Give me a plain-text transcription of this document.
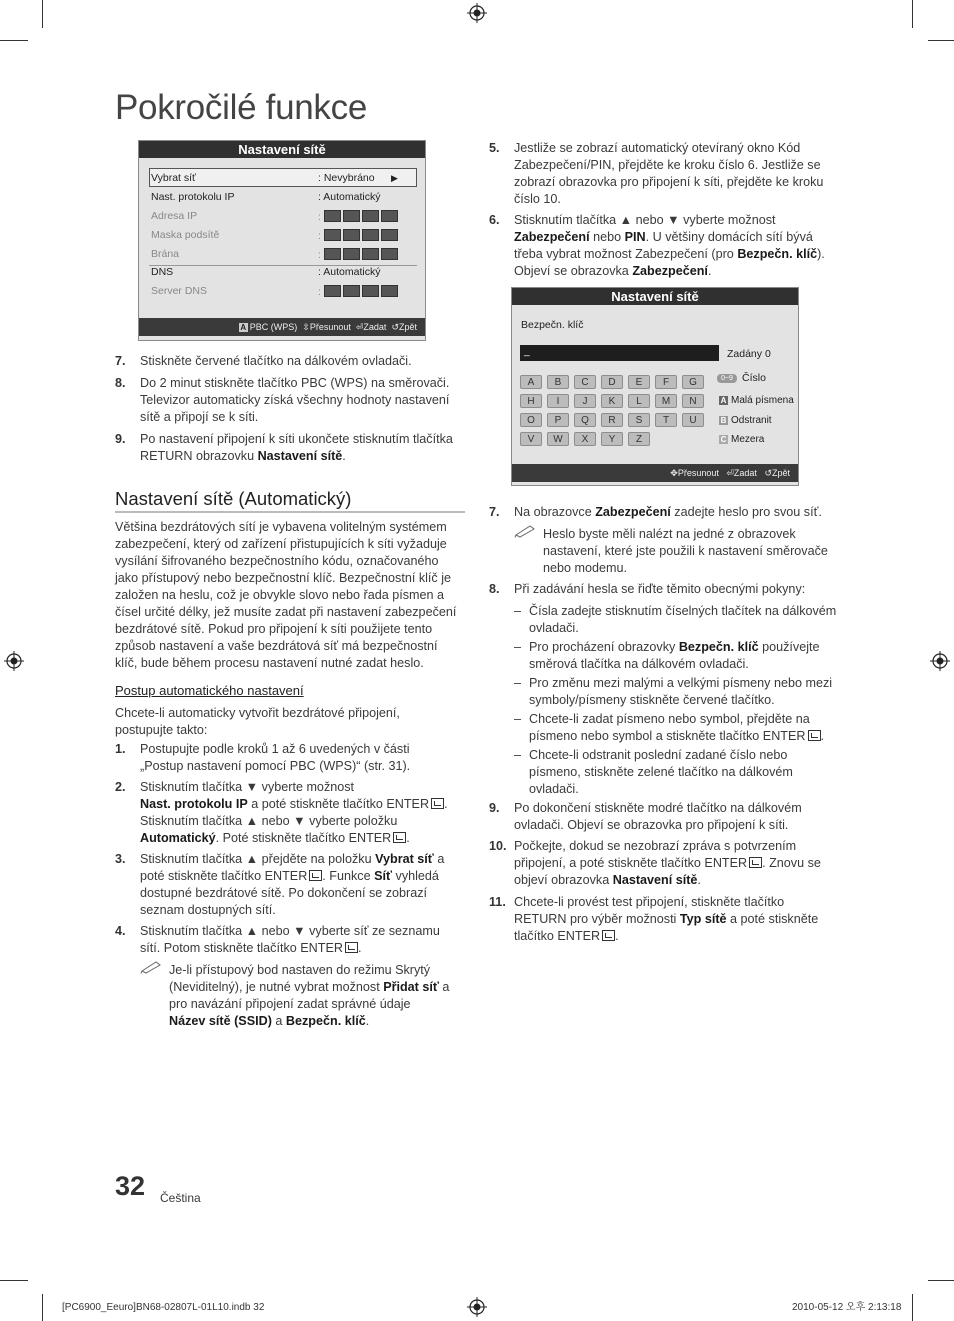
Pokročilé funkce
Nastavení sítě
Vybrat síť	: Nevybráno ▶
Nast. protokolu IP	: Automatický
Adresa IP	:
Maska podsítě	:
Brána	:
DNS	: Automatický
Server DNS	:
A PBC (WPS) ⇳Přesunout ⏎Zadat ↺Zpět
7. Stiskněte červené tlačítko na dálkovém ovladači.
8. Do 2 minut stiskněte tlačítko PBC (WPS) na směrovači.
Televizor automaticky získá všechny hodnoty nastavení
sítě a připojí se k síti.
9. Po nastavení připojení k síti ukončete stisknutím tlačítka
RETURN obrazovku Nastavení sítě.
Nastavení sítě (Automatický)
Většina bezdrátových sítí je vybavena volitelným systémem
zabezpečení, který od zařízení přistupujících k síti vyžaduje
vysílání šifrovaného bezpečnostního kódu, označovaného
jako přístupový nebo bezpečnostní klíč. Bezpečnostní klíč je
založen na heslu, což je obvykle slovo nebo řada písmen a
čísel určité délky, jež musíte zadat při nastavení zabezpečení
bezdrátové sítě. Pokud pro připojení k síti použijete tento
způsob nastavení a vaše bezdrátová síť má bezpečnostní
klíč, bude během procesu nastavení nutné zadat heslo.
Postup automatického nastavení
Chcete-li automaticky vytvořit bezdrátové připojení,
postupujte takto:
1. Postupujte podle kroků 1 až 6 uvedených v části
„Postup nastavení pomocí PBC (WPS)“ (str. 31).
2. Stisknutím tlačítka ▼ vyberte možnost
Nast. protokolu IP a poté stiskněte tlačítko ENTER .
Stisknutím tlačítka ▲ nebo ▼ vyberte položku
Automatický. Poté stiskněte tlačítko ENTER .
3. Stisknutím tlačítka ▲ přejděte na položku Vybrat síť a
poté stiskněte tlačítko ENTER . Funkce Síť vyhledá
dostupné bezdrátové sítě. Po dokončení se zobrazí
seznam dostupných sítí.
4. Stisknutím tlačítka ▲ nebo ▼ vyberte síť ze seznamu
sítí. Potom stiskněte tlačítko ENTER .
Je-li přístupový bod nastaven do režimu Skrytý
(Neviditelný), je nutné vybrat možnost Přidat síť a
pro navázání připojení zadat správné údaje
Název sítě (SSID) a Bezpečn. klíč.
5. Jestliže se zobrazí automatický otevíraný okno Kód
Zabezpečení/PIN, přejděte ke kroku číslo 6. Jestliže se
zobrazí obrazovka pro připojení k síti, přejděte ke kroku
číslo 10.
6. Stisknutím tlačítka ▲ nebo ▼ vyberte možnost
Zabezpečení nebo PIN. U většiny domácích sítí bývá
třeba vybrat možnost Zabezpečení (pro Bezpečn. klíč).
Objeví se obrazovka Zabezpečení.
Nastavení sítě
Bezpečn. klíč
_	Zadány 0
A	B	C	D	E	F	G
H	I	J	K	L	M	N
O	P	Q	R	S	T	U
V	W	X	Y	Z
0~9 Číslo
A Malá písmena
B Odstranit
C Mezera
✥Přesunout ⏎Zadat ↺Zpět
7. Na obrazovce Zabezpečení zadejte heslo pro svou síť.
Heslo byste měli nalézt na jedné z obrazovek
nastavení, které jste použili k nastavení směrovače
nebo modemu.
8. Při zadávání hesla se řiďte těmito obecnými pokyny:
– Čísla zadejte stisknutím číselných tlačítek na dálkovém
ovladači.
– Pro procházení obrazovky Bezpečn. klíč používejte
směrová tlačítka na dálkovém ovladači.
– Pro změnu mezi malými a velkými písmeny nebo mezi
symboly/písmeny stiskněte červené tlačítko.
– Chcete-li zadat písmeno nebo symbol, přejděte na
písmeno nebo symbol a stiskněte tlačítko ENTER .
– Chcete-li odstranit poslední zadané číslo nebo
písmeno, stiskněte zelené tlačítko na dálkovém
ovladači.
9. Po dokončení stiskněte modré tlačítko na dálkovém
ovladači. Objeví se obrazovka pro připojení k síti.
10. Počkejte, dokud se nezobrazí zpráva s potvrzením
připojení, a poté stiskněte tlačítko ENTER . Znovu se
objeví obrazovka Nastavení sítě.
11. Chcete-li provést test připojení, stiskněte tlačítko
RETURN pro výběr možnosti Typ sítě a poté stiskněte
tlačítko ENTER .
32 Čeština
[PC6900_Eeuro]BN68-02807L-01L10.indb 32	2010-05-12 오후 2:13:18
